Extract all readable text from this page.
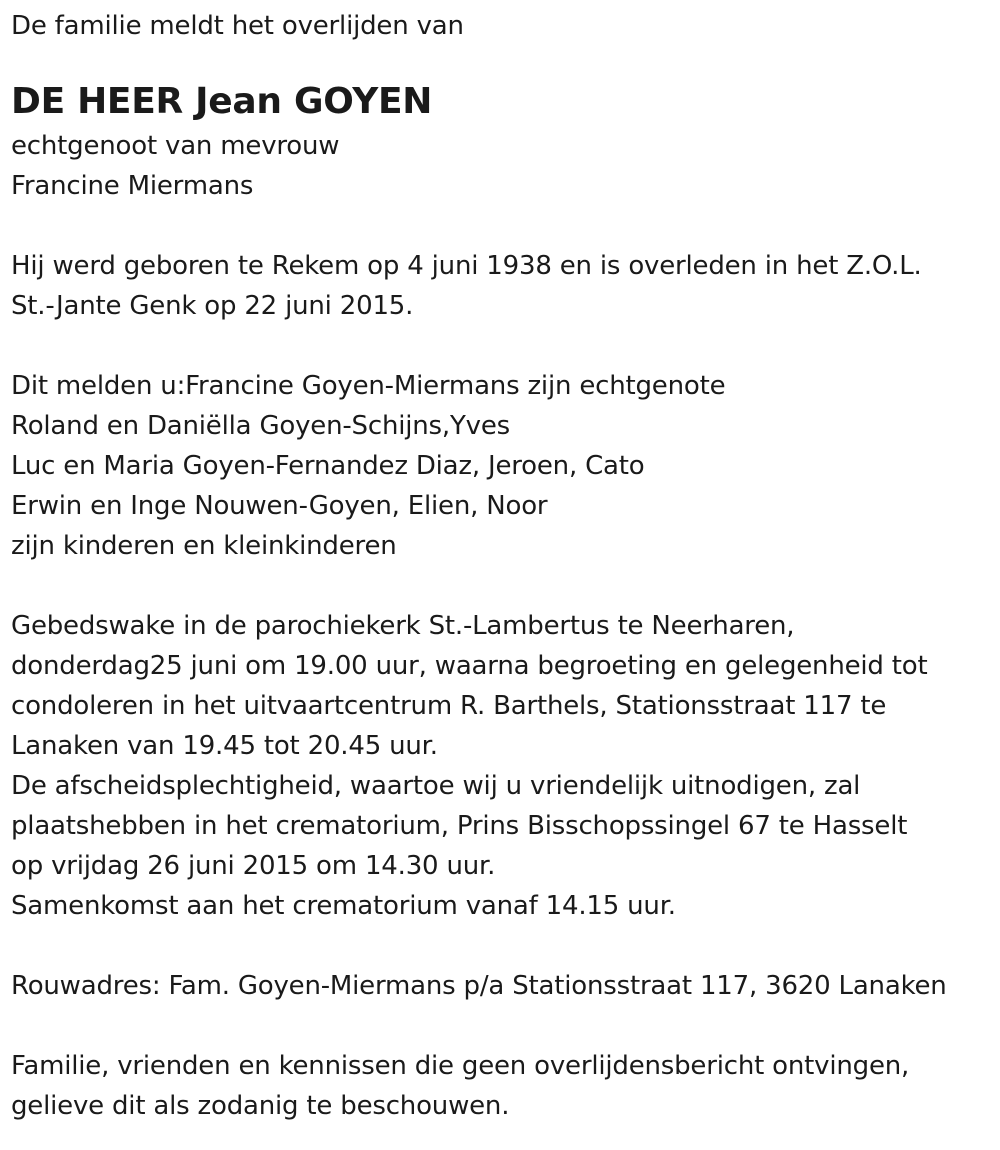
De familie meldt het overlijden van
DE HEER Jean GOYEN
echtgenoot van mevrouw
Francine Miermans
Hij werd geboren te Rekem op 4 juni 1938 en is overleden in het Z.O.L.
St.-Jante Genk op 22 juni 2015.
Dit melden u:Francine Goyen-Miermans zijn echtgenote
Roland en Daniëlla Goyen-Schijns,Yves
Luc en Maria Goyen-Fernandez Diaz, Jeroen, Cato
Erwin en Inge Nouwen-Goyen, Elien, Noor
zijn kinderen en kleinkinderen
Gebedswake in de parochiekerk St.-Lambertus te Neerharen,
donderdag25 juni om 19.00 uur, waarna begroeting en gelegenheid tot
condoleren in het uitvaartcentrum R. Barthels, Stationsstraat 117 te
Lanaken van 19.45 tot 20.45 uur.
De afscheidsplechtigheid, waartoe wij u vriendelijk uitnodigen, zal
plaatshebben in het crematorium, Prins Bisschopssingel 67 te Hasselt
op vrijdag 26 juni 2015 om 14.30 uur.
Samenkomst aan het crematorium vanaf 14.15 uur.
Rouwadres: Fam. Goyen-Miermans p/a Stationsstraat 117, 3620 Lanaken
Familie, vrienden en kennissen die geen overlijdensbericht ontvingen,
gelieve dit als zodanig te beschouwen.
